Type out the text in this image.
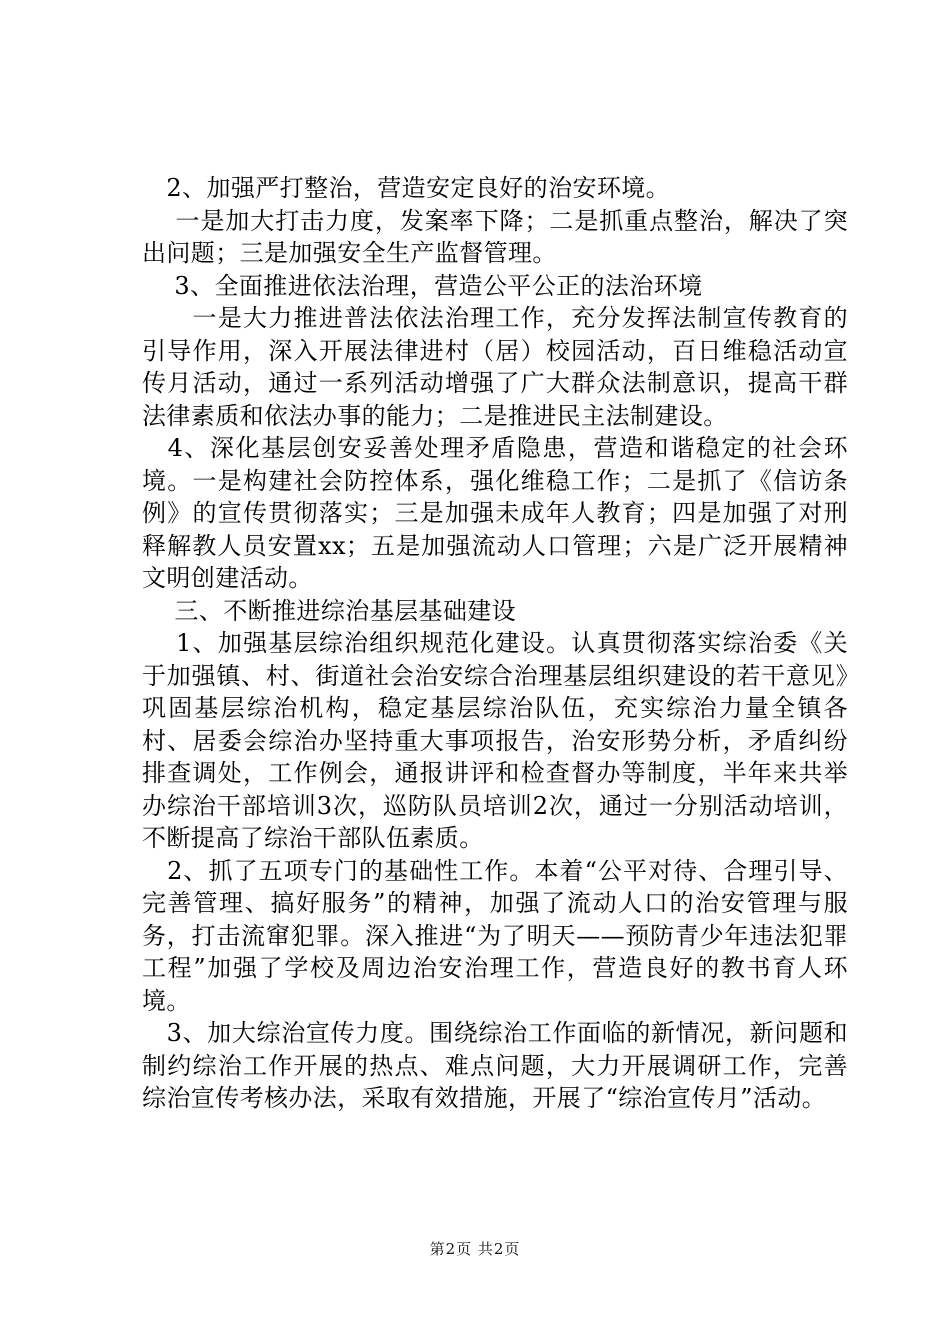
　2、加强严打整治，营造安定良好的治安环境。

　 一是加大打击力度，发案率下降；二是抓重点整治，解决了突出问题；三是加强安全生产监督管理。

　 3、全面推进依法治理，营造公平公正的法治环境

　　一是大力推进普法依法治理工作，充分发挥法制宣传教育的引导作用，深入开展法律进村（居）校园活动，百日维稳活动宣传月活动，通过一系列活动增强了广大群众法制意识，提高干群法律素质和依法办事的能力；二是推进民主法制建设。

　4、深化基层创安妥善处理矛盾隐患，营造和谐稳定的社会环境。一是构建社会防控体系，强化维稳工作；二是抓了《信访条例》的宣传贯彻落实；三是加强未成年人教育；四是加强了对刑释解教人员安置xx；五是加强流动人口管理；六是广泛开展精神文明创建活动。

　 三、不断推进综治基层基础建设

　 1、加强基层综治组织规范化建设。认真贯彻落实综治委《关于加强镇、村、街道社会治安综合治理基层组织建设的若干意见》巩固基层综治机构，稳定基层综治队伍，充实综治力量全镇各村、居委会综治办坚持重大事项报告，治安形势分析，矛盾纠纷排查调处，工作例会，通报讲评和检查督办等制度，半年来共举办综治干部培训3次，巡防队员培训2次，通过一分别活动培训，不断提高了综治干部队伍素质。

　2、抓了五项专门的基础性工作。本着“公平对待、合理引导、完善管理、搞好服务”的精神，加强了流动人口的治安管理与服务，打击流窜犯罪。深入推进“为了明天——预防青少年违法犯罪工程”加强了学校及周边治安治理工作，营造良好的教书育人环境。

　3、加大综治宣传力度。围绕综治工作面临的新情况，新问题和制约综治工作开展的热点、难点问题，大力开展调研工作，完善综治宣传考核办法，采取有效措施，开展了“综治宣传月”活动。

第2页 共2页
